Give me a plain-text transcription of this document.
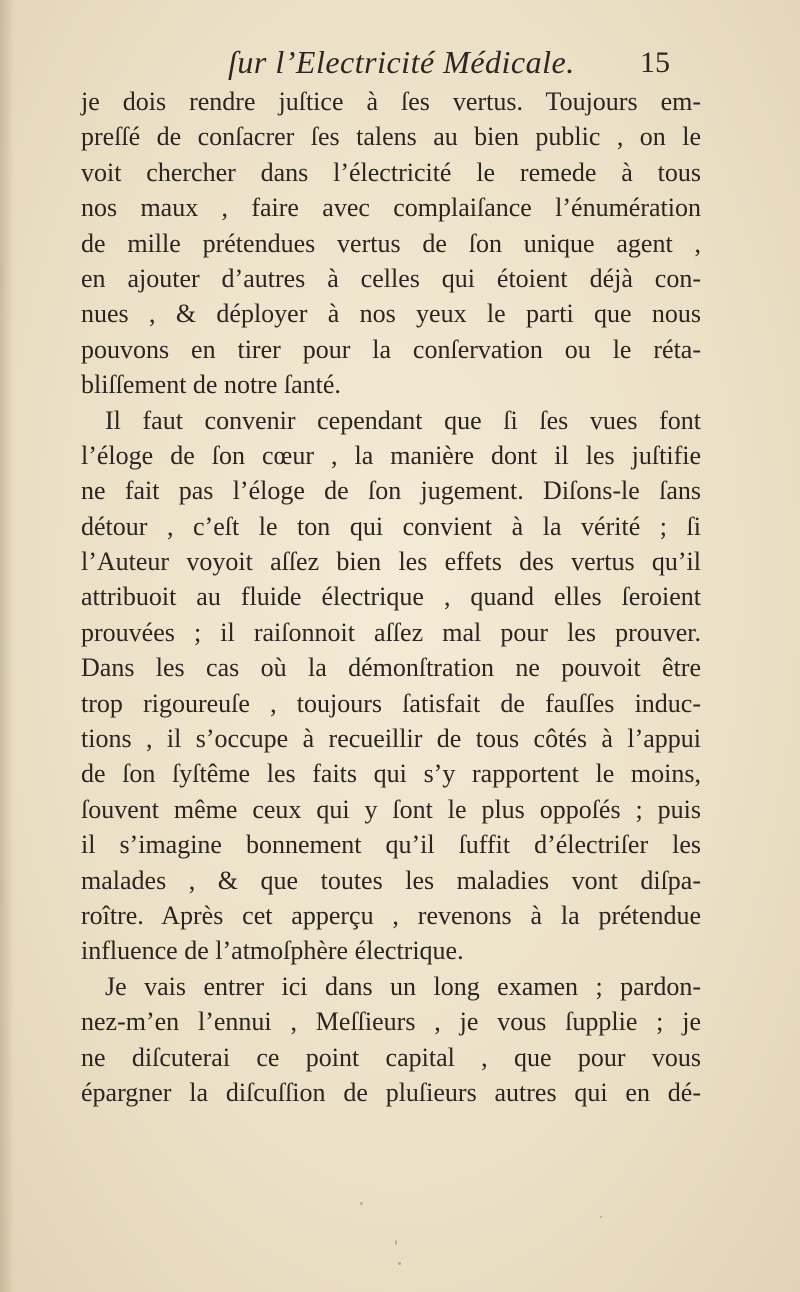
ſur l’Electricité Médicale. 15
je dois rendre juſtice à ſes vertus. Toujours em-
preſſé de conſacrer ſes talens au bien public , on le
voit chercher dans l’électricité le remede à tous
nos maux , faire avec complaiſance l’énumération
de mille prétendues vertus de ſon unique agent ,
en ajouter d’autres à celles qui étoient déjà con-
nues , & déployer à nos yeux le parti que nous
pouvons en tirer pour la conſervation ou le réta-
bliſſement de notre ſanté.
Il faut convenir cependant que ſi ſes vues font
l’éloge de ſon cœur , la manière dont il les juſtifie
ne fait pas l’éloge de ſon jugement. Diſons-le ſans
détour , c’eſt le ton qui convient à la vérité ; ſi
l’Auteur voyoit aſſez bien les effets des vertus qu’il
attribuoit au fluide électrique , quand elles ſeroient
prouvées ; il raiſonnoit aſſez mal pour les prouver.
Dans les cas où la démonſtration ne pouvoit être
trop rigoureuſe , toujours ſatisfait de fauſſes induc-
tions , il s’occupe à recueillir de tous côtés à l’appui
de ſon ſyſtême les faits qui s’y rapportent le moins,
ſouvent même ceux qui y ſont le plus oppoſés ; puis
il s’imagine bonnement qu’il ſuffit d’électriſer les
malades , & que toutes les maladies vont diſpa-
roître. Après cet apperçu , revenons à la prétendue
influence de l’atmoſphère électrique.
Je vais entrer ici dans un long examen ; pardon-
nez-m’en l’ennui , Meſſieurs , je vous ſupplie ; je
ne diſcuterai ce point capital , que pour vous
épargner la diſcuſſion de pluſieurs autres qui en dé-
